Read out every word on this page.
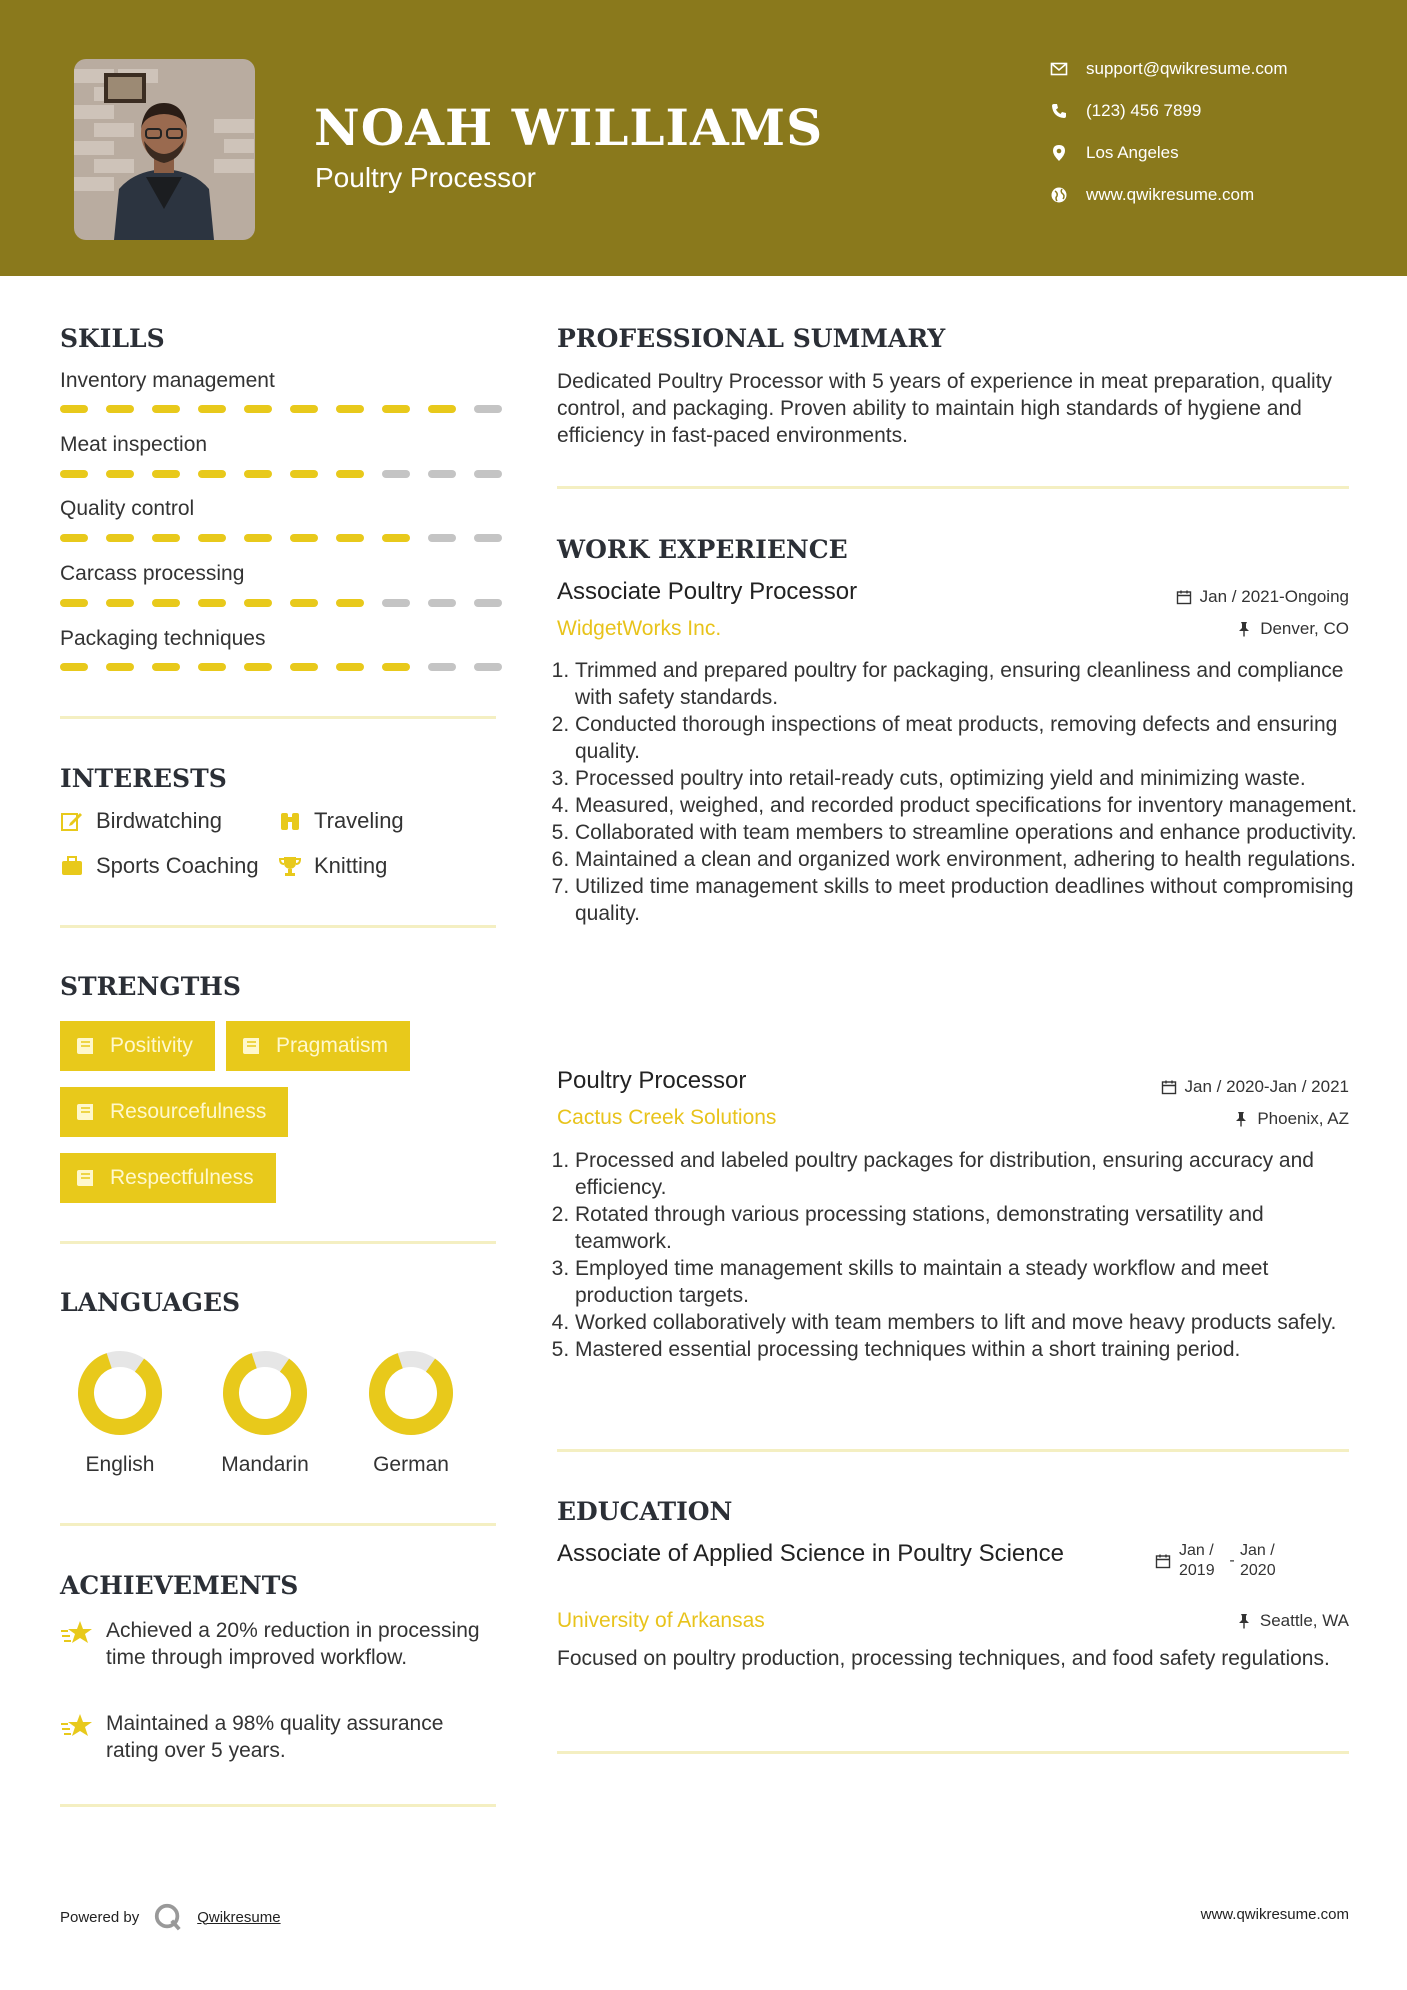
NOAH WILLIAMS
Poultry Processor
support@qwikresume.com
(123) 456 7899
Los Angeles
www.qwikresume.com
SKILLS
Inventory management
Meat inspection
Quality control
Carcass processing
Packaging techniques
INTERESTS
Birdwatching	Traveling
Sports Coaching	Knitting
STRENGTHS
Positivity	Pragmatism
Resourcefulness
Respectfulness
LANGUAGES
English	Mandarin	German
ACHIEVEMENTS
Achieved a 20% reduction in processing time through improved workflow.
Maintained a 98% quality assurance rating over 5 years.
PROFESSIONAL SUMMARY
Dedicated Poultry Processor with 5 years of experience in meat preparation, quality control, and packaging. Proven ability to maintain high standards of hygiene and efficiency in fast-paced environments.
WORK EXPERIENCE
Associate Poultry Processor	Jan / 2021-Ongoing
WidgetWorks Inc.	Denver, CO
1. Trimmed and prepared poultry for packaging, ensuring cleanliness and compliance with safety standards.
2. Conducted thorough inspections of meat products, removing defects and ensuring quality.
3. Processed poultry into retail-ready cuts, optimizing yield and minimizing waste.
4. Measured, weighed, and recorded product specifications for inventory management.
5. Collaborated with team members to streamline operations and enhance productivity.
6. Maintained a clean and organized work environment, adhering to health regulations.
7. Utilized time management skills to meet production deadlines without compromising quality.
Poultry Processor	Jan / 2020-Jan / 2021
Cactus Creek Solutions	Phoenix, AZ
1. Processed and labeled poultry packages for distribution, ensuring accuracy and efficiency.
2. Rotated through various processing stations, demonstrating versatility and teamwork.
3. Employed time management skills to maintain a steady workflow and meet production targets.
4. Worked collaboratively with team members to lift and move heavy products safely.
5. Mastered essential processing techniques within a short training period.
EDUCATION
Associate of Applied Science in Poultry Science	Jan / 2019
-
Jan / 2020
University of Arkansas	Seattle, WA
Focused on poultry production, processing techniques, and food safety regulations.
Powered by	Qwikresume	www.qwikresume.com
